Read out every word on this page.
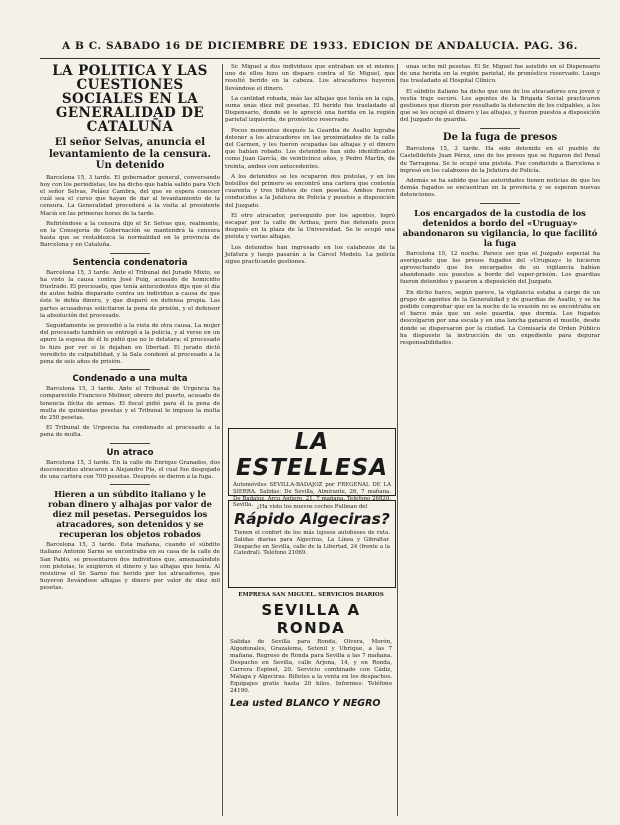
A B C. SABADO 16 DE DICIEMBRE DE 1933. EDICION DE ANDALUCIA. PAG. 36.
LA POLITICA Y LAS CUESTIONES SOCIALES EN LA GENERALIDAD DE CATALUÑA
El señor Selvas, anuncia el levantamiento de la censura. Un detenido

Barcelona 15, 3 tarde. El gobernador general, conversando hoy con los periodistas, les ha dicho que había salido para Vich el señor Selvas, Peláez Cambra, del que se espera conocer cuál sea el curso que hayan de dar al levantamiento de la censura. La Generalidad procederá a la visita al presidente Macià en las primeras horas de la tarde.

Refiriéndose a la censura dijo el Sr. Selvas que, realmente, en la Consejería de Gobernación se mantendrá la censura hasta que se restablezca la normalidad en la provincia de Barcelona y en Cataluña.

Sentencia condenatoria

Barcelona 15, 3 tarde. Ante el Tribunal del Jurado Mixto, se ha visto la causa contra José Puig, acusado de homicidio frustrado. El procesado, que tenía antecedentes dijo que el día de autos había disparado contra un individuo a causa de que éste le debía dinero, y que disparó en defensa propia. Las partes acusadoras solicitaron la pena de prisión, y el defensor la absolución del procesado.

Seguidamente se procedió a la vista de otra causa. La mujer del procesado también se entregó a la policía, y al verse en un apuro la esposa de él le pidió que no le delatara; el procesado lo hizo por ver si le dejaban en libertad. El jurado dictó veredicto de culpabilidad, y la Sala condenó al procesado a la pena de seis años de prisión.

Condenado a una multa

Barcelona 15, 3 tarde. Ante el Tribunal de Urgencia ha comparecido Francisco Moliner, obrero del puerto, acusado de tenencia ilícita de armas. El fiscal pidió para él la pena de multa de quinientas pesetas y el Tribunal le impuso la multa de 250 pesetas.

El Tribunal de Urgencia ha condenado al procesado a la pena de multa.

Un atraco

Barcelona 15, 3 tarde. En la calle de Enrique Granados, dos desconocidos atracaron a Alejandro Pla, el cual fue despojado de una cartera con 700 pesetas. Después se dieron a la fuga.

Hieren a un súbdito italiano y le roban dinero y alhajas por valor de diez mil pesetas. Perseguidos los atracadores, son detenidos y se recuperan los objetos robados

Barcelona 15, 3 tarde. Esta mañana, cuando el súbdito italiano Antonio Sarno se encontraba en su casa de la calle de San Pablo, se presentaron dos individuos que, amenazándole con pistolas, le exigieron el dinero y las alhajas que tenía. Al resistirse el Sr. Sarno fue herido por los atracadores, que huyeron llevándose alhajas y dinero por valor de diez mil pesetas.

Sr. Miguel a dos individuos que entraban en el mismo; uno de ellos hizo un disparo contra el Sr. Miguel, que resultó herido en la cabeza. Los atracadores huyeron llevándose el dinero.

La cantidad robada, más las alhajas que tenía en la caja, suma unas diez mil pesetas. El herido fue trasladado al Dispensario, donde se le apreció una herida en la región parietal izquierda, de pronóstico reservado.

Pocos momentos después la Guardia de Asalto lograba detener a los atracadores en las proximidades de la calle del Carmen, y les fueron ocupadas las alhajas y el dinero que habían robado. Los detenidos han sido identificados como Juan García, de veinticinco años, y Pedro Martín, de treinta, ambos con antecedentes.

A los detenidos se les ocuparon dos pistolas, y en los bolsillos del primero se encontró una cartera que contenía cuarenta y tres billetes de cien pesetas. Ambos fueron conducidos a la Jefatura de Policía y puestos a disposición del Juzgado.

El otro atracador, perseguido por los agentes, logró escapar por la calle de Aribau, pero fue detenido poco después en la plaza de la Universidad. Se le ocupó una pistola y varias alhajas.

Los detenidos han ingresado en los calabozos de la Jefatura y luego pasarán a la Cárcel Modelo. La policía sigue practicando gestiones.

LA ESTELLESA
Automóviles SEVILLA-BADAJOZ por FREGENAL DE LA SIERRA. Salidas: De Sevilla, Almirante, 26, 7 mañana. De Badajoz, Arco Agüero, 21, 7 mañana. Teléfono 26820. Sevilla. ¿Ha visto los nuevos coches Pullman del
Rápido Algeciras?
Tienen el confort de los más lujosos autobuses de ruta. Salidas diarias para Algeciras, La Línea y Gibraltar. Despacho en Sevilla, calle de la Libertad, 24 (frente a la Catedral). Teléfono 21069.
EMPRESA SAN MIGUEL. SERVICIOS DIARIOS
SEVILLA A RONDA
Salidas de Sevilla para Ronda, Olvera, Morón, Algodonales, Grazalema, Setenil y Ubrique, a las 7 mañana. Regreso de Ronda para Sevilla a las 7 mañana. Despacho en Sevilla, calle Arjona, 14, y en Ronda, Carrera Espinel, 20. Servicio combinado con Cádiz, Málaga y Algeciras. Billetes a la venta en los despachos. Equipajes gratis hasta 20 kilos. Informes: Teléfono 24190.
Lea usted BLANCO Y NEGRO

unas ocho mil pesetas. El Sr. Miguel fue asistido en el Dispensario de una herida en la región parietal, de pronóstico reservado. Luego fue trasladado al Hospital Clínico.

El súbdito italiano ha dicho que uno de los atracadores era joven y vestía traje oscuro. Los agentes de la Brigada Social practicaron gestiones que dieron por resultado la detención de los culpables, a los que se les ocupó el dinero y las alhajas, y fueron puestos a disposición del Juzgado de guardia.

De la fuga de presos

Barcelona 15, 3 tarde. Ha sido detenido en el pueblo de Castelldefels Juan Pérez, uno de los presos que se fugaron del Penal de Tarragona. Se le ocupó una pistola. Fue conducido a Barcelona e ingresó en los calabozos de la Jefatura de Policía.

Además se ha sabido que las autoridades tienen noticias de que los demás fugados se encuentran en la provincia y se esperan nuevas detenciones.

Los encargados de la custodia de los detenidos a bordo del «Uruguay» abandonaron su vigilancia, lo que facilitó la fuga

Barcelona 15, 12 noche. Parece ser que el Juzgado especial ha averiguado que los presos fugados del «Uruguay» lo hicieron aprovechando que los encargados de su vigilancia habían abandonado sus puestos a bordo del vapor-prisión. Los guardias fueron detenidos y pasaron a disposición del Juzgado.

En dicho barco, según parece, la vigilancia estaba a cargo de un grupo de agentes de la Generalidad y de guardias de Asalto, y se ha podido comprobar que en la noche de la evasión no se encontraba en el barco más que un solo guardia, que dormía. Los fugados descolgaron por una escala y en una lancha ganaron el muelle, desde donde se dispersaron por la ciudad. La Comisaría de Orden Público ha dispuesto la instrucción de un expediente para depurar responsabilidades.
